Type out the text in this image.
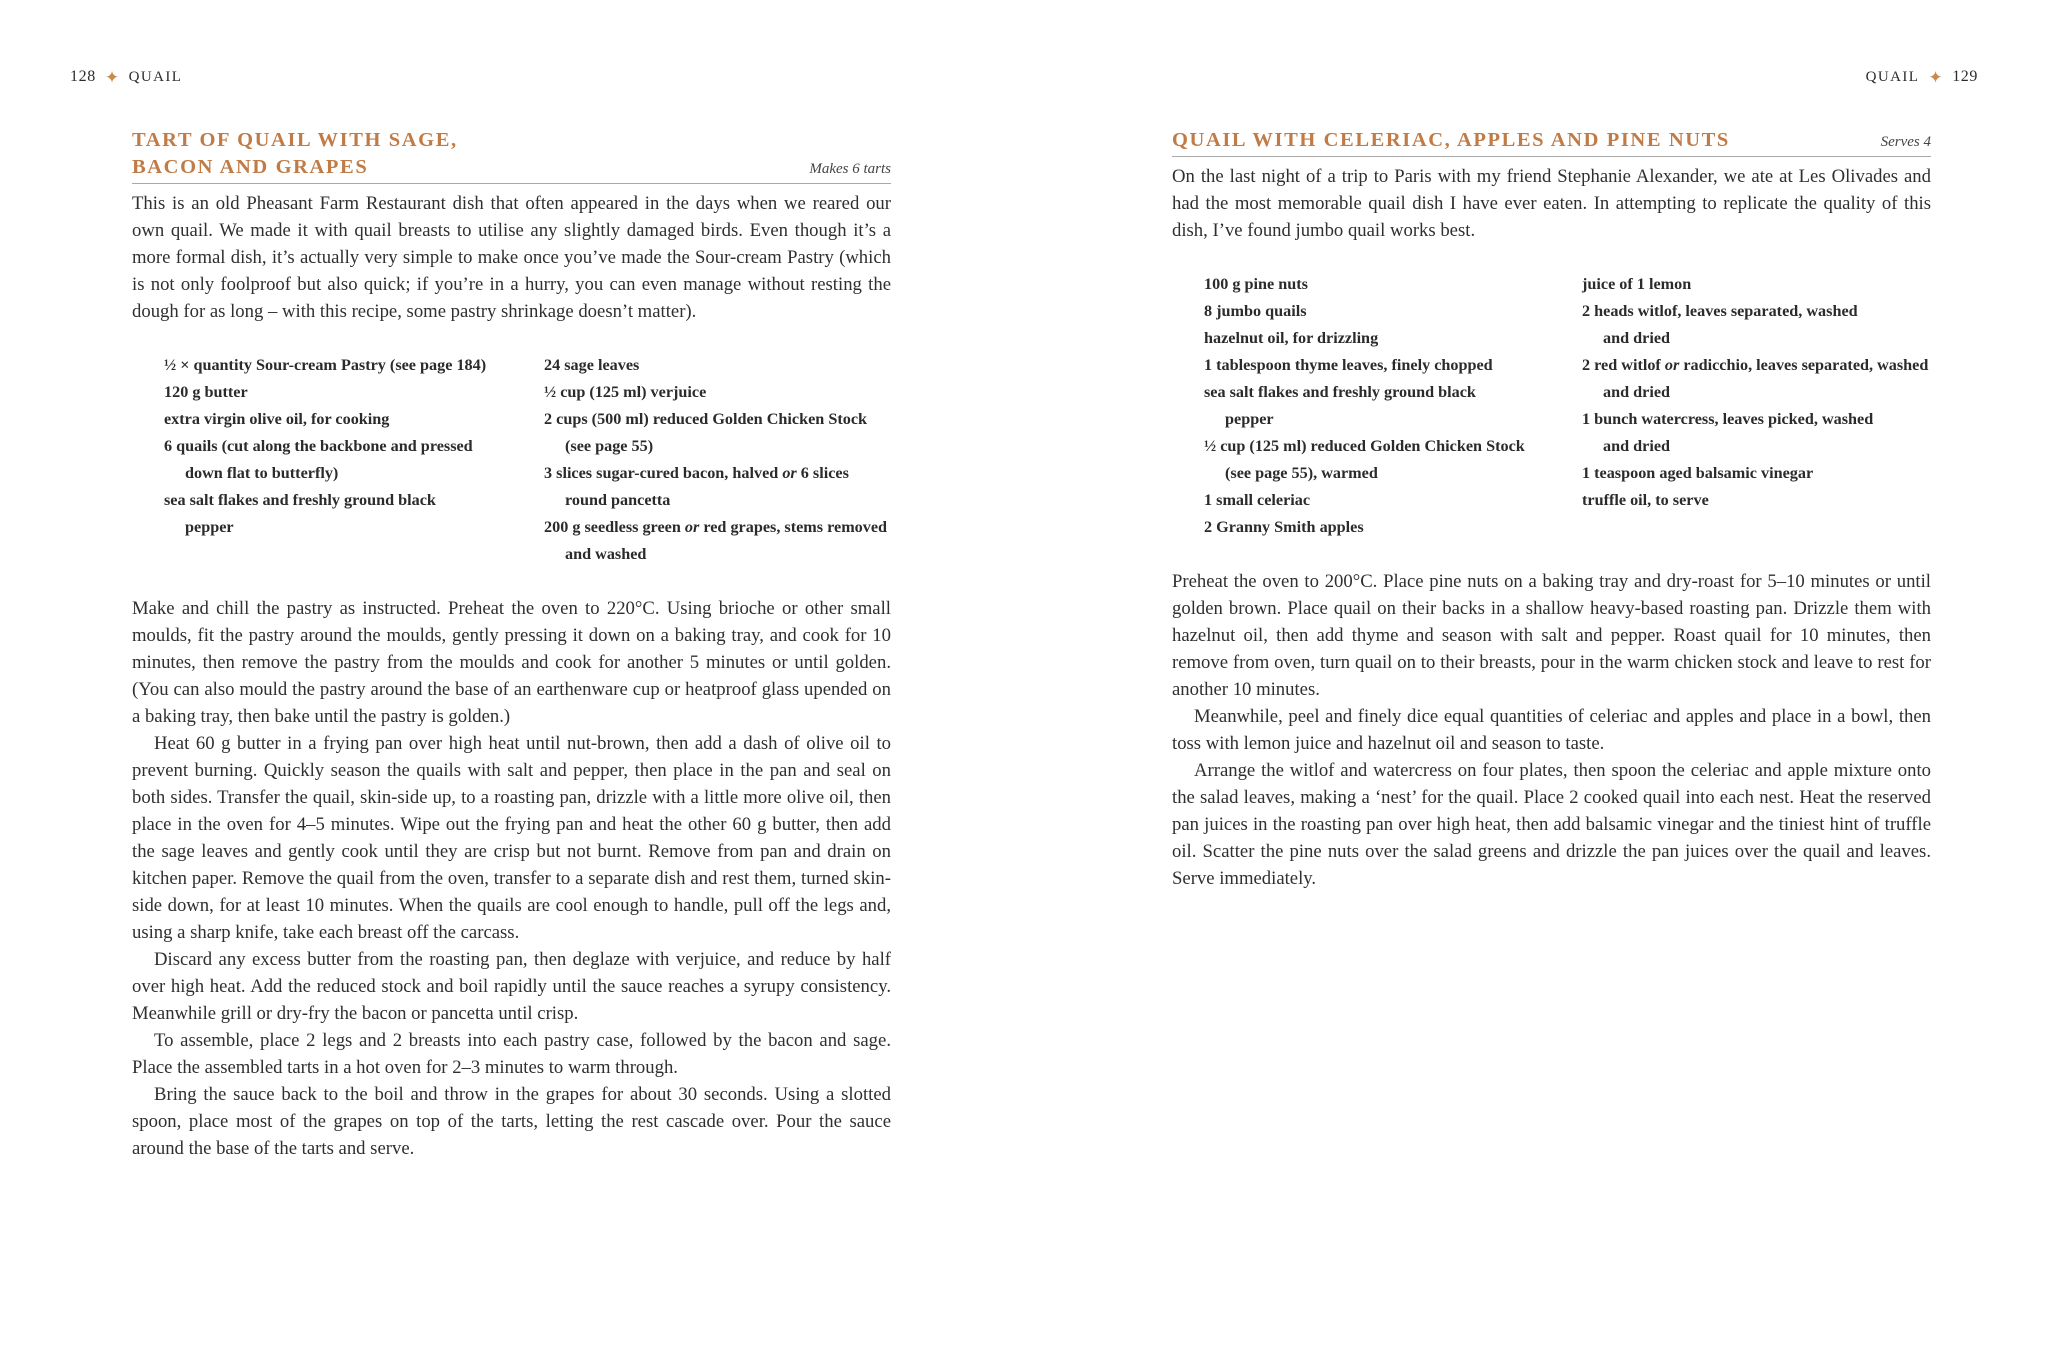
128 ✦ QUAIL
TART OF QUAIL WITH SAGE,
BACON AND GRAPES	Makes 6 tarts

This is an old Pheasant Farm Restaurant dish that often appeared in the days when we reared our own quail. We made it with quail breasts to utilise any slightly damaged birds. Even though it’s a more formal dish, it’s actually very simple to make once you’ve made the Sour-cream Pastry (which is not only foolproof but also quick; if you’re in a hurry, you can even manage without resting the dough for as long – with this recipe, some pastry shrinkage doesn’t matter).

½ × quantity Sour-cream Pastry (see page 184)
120 g butter
extra virgin olive oil, for cooking
6 quails (cut along the backbone and pressed down flat to butterfly)
sea salt flakes and freshly ground black pepper
24 sage leaves
½ cup (125 ml) verjuice
2 cups (500 ml) reduced Golden Chicken Stock (see page 55)
3 slices sugar-cured bacon, halved or 6 slices round pancetta
200 g seedless green or red grapes, stems removed and washed

Make and chill the pastry as instructed. Preheat the oven to 220°C. Using brioche or other small moulds, fit the pastry around the moulds, gently pressing it down on a baking tray, and cook for 10 minutes, then remove the pastry from the moulds and cook for another 5 minutes or until golden. (You can also mould the pastry around the base of an earthenware cup or heatproof glass upended on a baking tray, then bake until the pastry is golden.)

Heat 60 g butter in a frying pan over high heat until nut-brown, then add a dash of olive oil to prevent burning. Quickly season the quails with salt and pepper, then place in the pan and seal on both sides. Transfer the quail, skin-side up, to a roasting pan, drizzle with a little more olive oil, then place in the oven for 4–5 minutes. Wipe out the frying pan and heat the other 60 g butter, then add the sage leaves and gently cook until they are crisp but not burnt. Remove from pan and drain on kitchen paper. Remove the quail from the oven, transfer to a separate dish and rest them, turned skin-side down, for at least 10 minutes. When the quails are cool enough to handle, pull off the legs and, using a sharp knife, take each breast off the carcass.

Discard any excess butter from the roasting pan, then deglaze with verjuice, and reduce by half over high heat. Add the reduced stock and boil rapidly until the sauce reaches a syrupy consistency. Meanwhile grill or dry-fry the bacon or pancetta until crisp.

To assemble, place 2 legs and 2 breasts into each pastry case, followed by the bacon and sage. Place the assembled tarts in a hot oven for 2–3 minutes to warm through.

Bring the sauce back to the boil and throw in the grapes for about 30 seconds. Using a slotted spoon, place most of the grapes on top of the tarts, letting the rest cascade over. Pour the sauce around the base of the tarts and serve.

QUAIL ✦ 129
QUAIL WITH CELERIAC, APPLES AND PINE NUTS	Serves 4

On the last night of a trip to Paris with my friend Stephanie Alexander, we ate at Les Olivades and had the most memorable quail dish I have ever eaten. In attempting to replicate the quality of this dish, I’ve found jumbo quail works best.

100 g pine nuts
8 jumbo quails
hazelnut oil, for drizzling
1 tablespoon thyme leaves, finely chopped
sea salt flakes and freshly ground black pepper
½ cup (125 ml) reduced Golden Chicken Stock (see page 55), warmed
1 small celeriac
2 Granny Smith apples
juice of 1 lemon
2 heads witlof, leaves separated, washed and dried
2 red witlof or radicchio, leaves separated, washed and dried
1 bunch watercress, leaves picked, washed and dried
1 teaspoon aged balsamic vinegar
truffle oil, to serve

Preheat the oven to 200°C. Place pine nuts on a baking tray and dry-roast for 5–10 minutes or until golden brown. Place quail on their backs in a shallow heavy-based roasting pan. Drizzle them with hazelnut oil, then add thyme and season with salt and pepper. Roast quail for 10 minutes, then remove from oven, turn quail on to their breasts, pour in the warm chicken stock and leave to rest for another 10 minutes.

Meanwhile, peel and finely dice equal quantities of celeriac and apples and place in a bowl, then toss with lemon juice and hazelnut oil and season to taste.

Arrange the witlof and watercress on four plates, then spoon the celeriac and apple mixture onto the salad leaves, making a ‘nest’ for the quail. Place 2 cooked quail into each nest. Heat the reserved pan juices in the roasting pan over high heat, then add balsamic vinegar and the tiniest hint of truffle oil. Scatter the pine nuts over the salad greens and drizzle the pan juices over the quail and leaves. Serve immediately.
